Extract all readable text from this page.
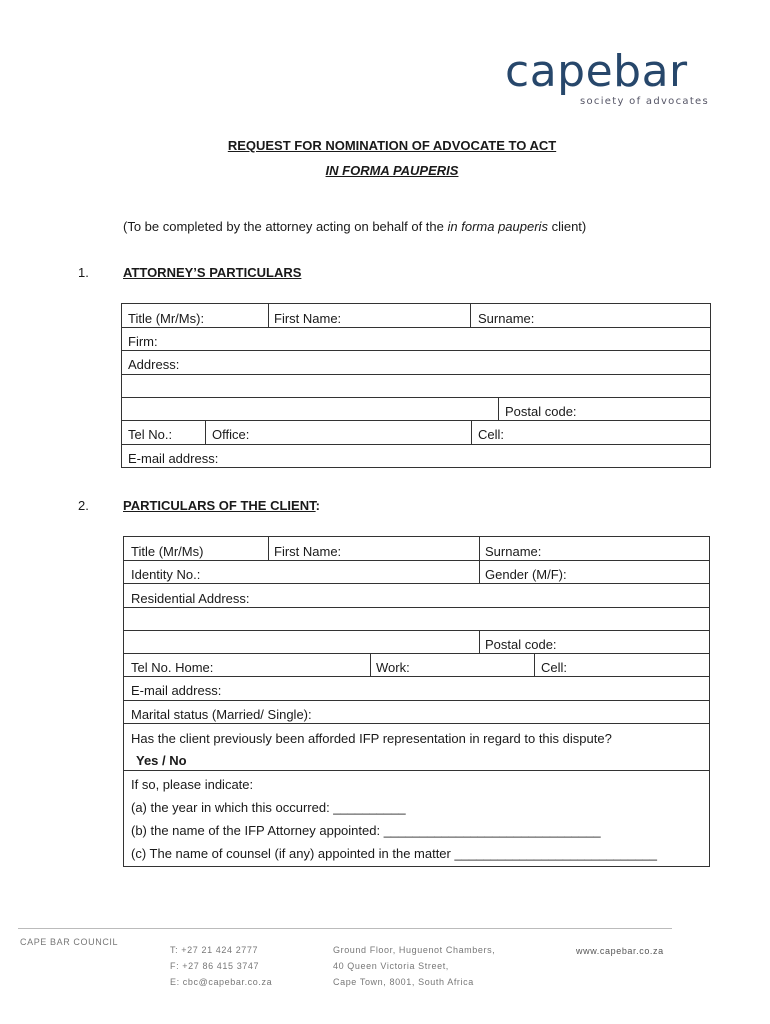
capebar
society of advocates
REQUEST FOR NOMINATION OF ADVOCATE TO ACT
IN FORMA PAUPERIS
(To be completed by the attorney acting on behalf of the in forma pauperis client)
1.	ATTORNEY’S PARTICULARS
Title (Mr/Ms):	First Name:	Surname:
Firm:
Address:
Postal code:
Tel No.:	Office:	Cell:
E-mail address:
2.	PARTICULARS OF THE CLIENT:
Title (Mr/Ms)	First Name:	Surname:
Identity No.:	Gender (M/F):
Residential Address:
Postal code:
Tel No. Home:	Work:	Cell:
E-mail address:
Marital status (Married/ Single):
Has the client previously been afforded IFP representation in regard to this dispute?
Yes / No
If so, please indicate:
(a) the year in which this occurred: __________
(b) the name of the IFP Attorney appointed: ______________________________
(c) The name of counsel (if any) appointed in the matter ____________________________
CAPE BAR COUNCIL
T: +27 21 424 2777
F: +27 86 415 3747
E: cbc@capebar.co.za
Ground Floor, Huguenot Chambers,
40 Queen Victoria Street,
Cape Town, 8001, South Africa
www.capebar.co.za
